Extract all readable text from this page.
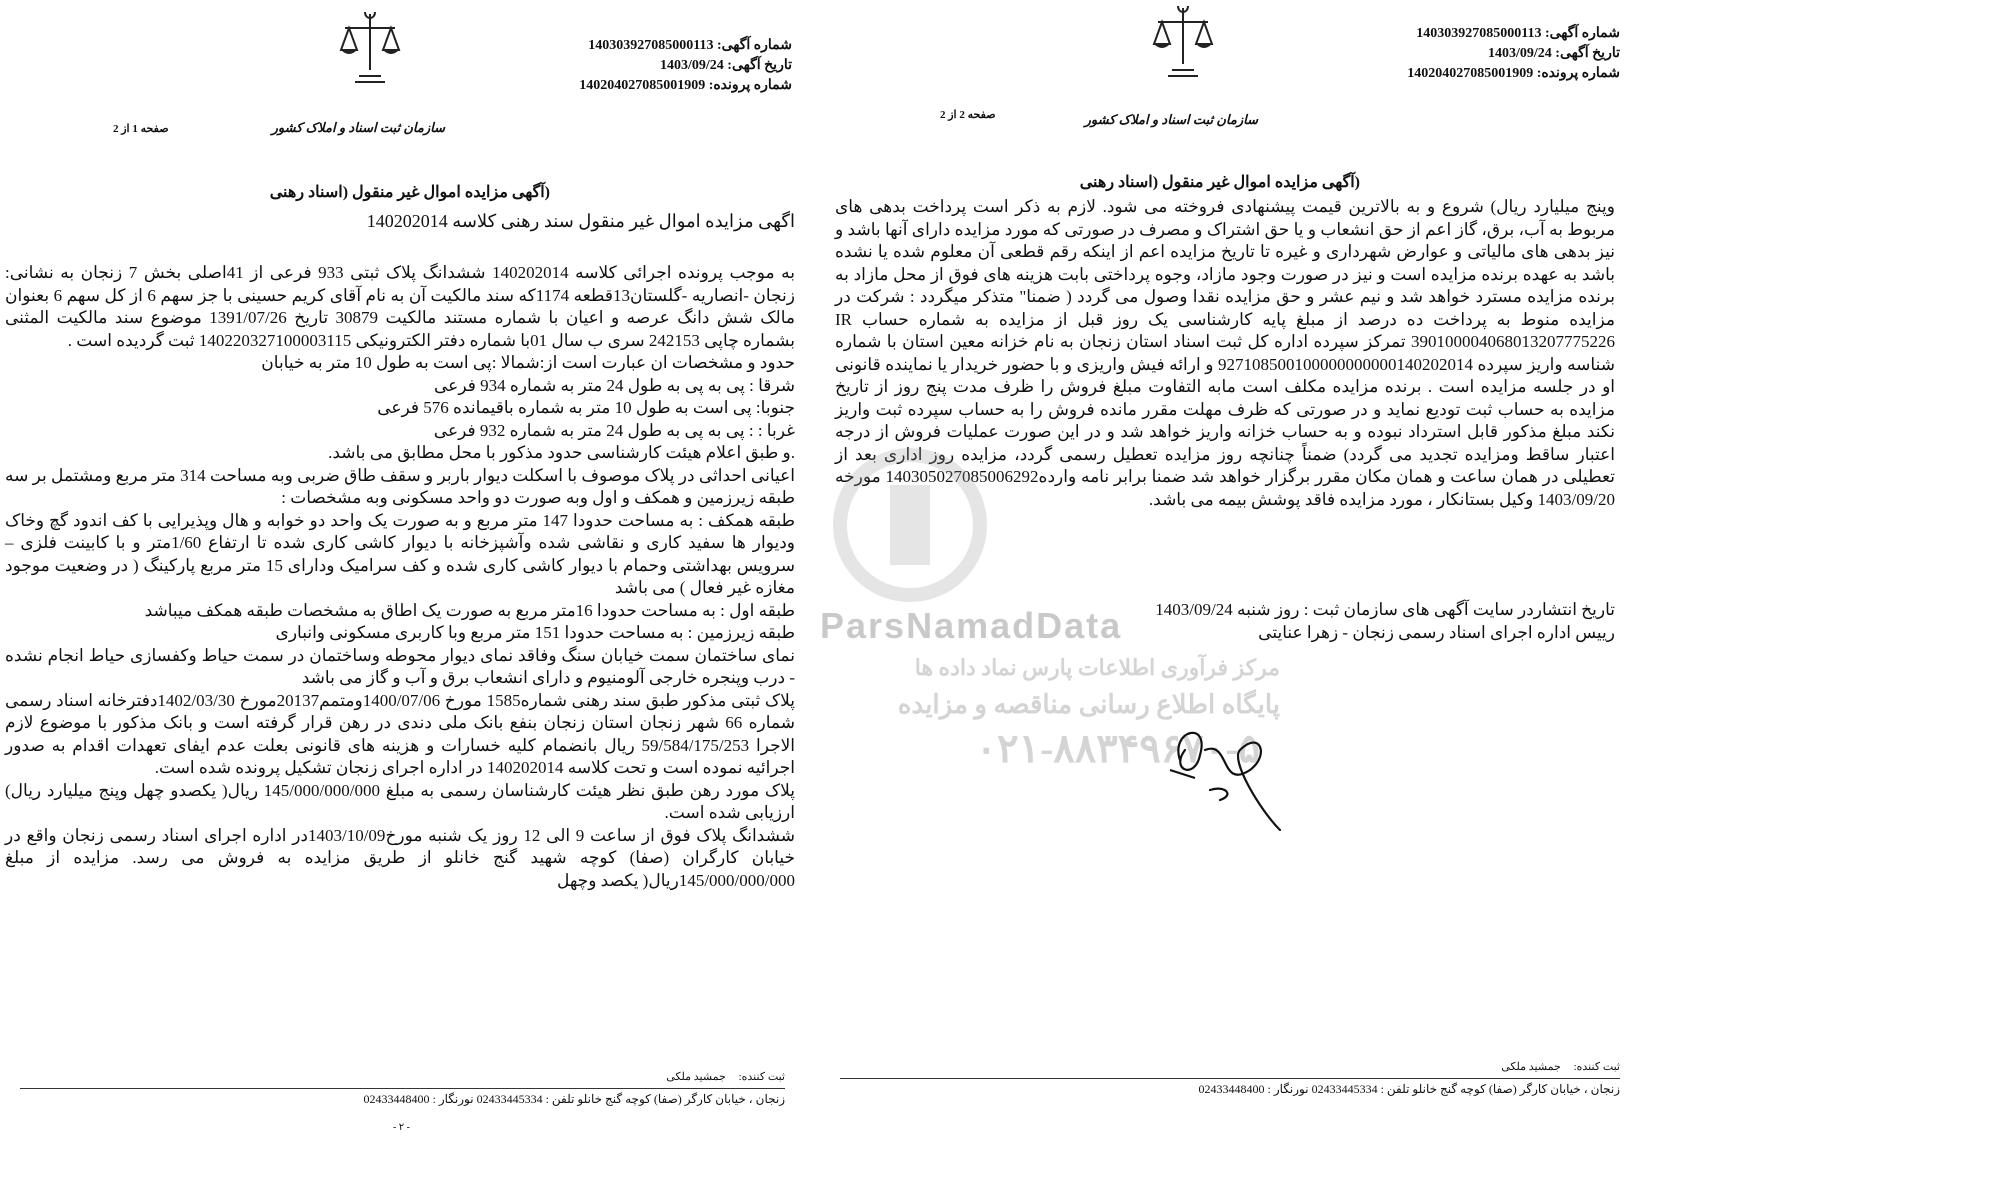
سازمان ثبت اسناد و املاک کشور
شماره آگهی: 140303927085000113
تاریخ آگهی: 1403/09/24
شماره پرونده: 140204027085001909
صفحه 1 از 2
(آگهی مزایده اموال غیر منقول (اسناد رهنی
اگهی مزایده اموال غیر منقول سند رهنی کلاسه 140202014

به موجب پرونده اجرائی کلاسه 140202014 ششدانگ پلاک ثبتی 933 فرعی از 41اصلی بخش 7 زنجان به نشانی: زنجان -انصاریه -گلستان13قطعه 1174که سند مالکیت آن به نام آقای کریم حسینی با جز سهم 6 از کل سهم 6 بعنوان مالک شش دانگ عرصه و اعیان با شماره مستند مالکیت 30879 تاریخ 1391/07/26 موضوع سند مالکیت المثنی بشماره چاپی 242153 سری ب سال 01با شماره دفتر الکترونیکی 140220327100003115 ثبت گردیده است .

حدود و مشخصات ان عبارت است از:شمالا :پی است به طول 10 متر به خیابان

شرقا : پی به پی به طول 24 متر به شماره 934 فرعی

جنوبا: پی است به طول 10 متر به شماره باقیمانده 576 فرعی

غربا : : پی به پی به طول 24 متر به شماره 932 فرعی

.و طبق اعلام هیئت کارشناسی حدود مذکور با محل مطابق می باشد.

اعیانی احداثی در پلاک موصوف با اسکلت دیوار باربر و سقف طاق ضربی وبه مساحت 314 متر مربع ومشتمل بر سه طبقه زیرزمین و همکف و اول وبه صورت دو واحد مسکونی وبه مشخصات :

طبقه همکف : به مساحت حدودا 147 متر مربع و به صورت یک واحد دو خوابه و هال وپذیرایی با کف اندود گچ وخاک ودیوار ها سفید کاری و نقاشی شده وآشپزخانه با دیوار کاشی کاری شده تا ارتفاع 1/60متر و با کابینت فلزی – سرویس بهداشتی وحمام با دیوار کاشی کاری شده و کف سرامیک ودارای 15 متر مربع پارکینگ ( در وضعیت موجود مغازه غیر فعال ) می باشد

طبقه اول : به مساحت حدودا 16متر مربع به صورت یک اطاق به مشخصات طبقه همکف میباشد

طبقه زیرزمین : به مساحت حدودا 151 متر مربع وبا کاربری مسکونی وانباری

نمای ساختمان سمت خیابان سنگ وفاقد نمای دیوار محوطه وساختمان در سمت حیاط وکفسازی حیاط انجام نشده - درب وپنجره خارجی آلومنیوم و دارای انشعاب برق و آب و گاز می باشد

پلاک ثبتی مذکور طبق سند رهنی شماره1585 مورخ 1400/07/06ومتمم20137مورخ 1402/03/30دفترخانه اسناد رسمی شماره 66 شهر زنجان استان زنجان بنفع بانک ملی دندی در رهن قرار گرفته است و بانک مذکور با موضوع لازم الاجرا 59/584/175/253 ریال بانضمام کلیه خسارات و هزینه های قانونی بعلت عدم ایفای تعهدات اقدام به صدور اجرائیه نموده است و تحت کلاسه 140202014 در اداره اجرای زنجان تشکیل پرونده شده است.

پلاک مورد رهن طبق نظر هیئت کارشناسان رسمی به مبلغ 145/000/000/000 ریال( یکصدو چهل وپنج میلیارد ریال) ارزیابی شده است.

ششدانگ پلاک فوق از ساعت 9 الی 12 روز یک شنبه مورخ1403/10/09در اداره اجرای اسناد رسمی زنجان واقع در خیابان کارگران (صفا) کوچه شهید گنج خانلو از طریق مزایده به فروش می رسد. مزایده از مبلغ 145/000/000/000ریال( یکصد وچهل

ثبت کننده: جمشید ملکی
زنجان ، خیابان کارگر (صفا) کوچه گنج خانلو تلفن : 02433445334 نورنگار : 02433448400
- ۲ -
سازمان ثبت اسناد و املاک کشور
شماره آگهی: 140303927085000113
تاریخ آگهی: 1403/09/24
شماره پرونده: 140204027085001909
صفحه 2 از 2
(آگهی مزایده اموال غیر منقول (اسناد رهنی

وپنج میلیارد ریال) شروع و به بالاترین قیمت پیشنهادی فروخته می شود. لازم به ذکر است پرداخت بدهی های مربوط به آب، برق، گاز اعم از حق انشعاب و یا حق اشتراک و مصرف در صورتی که مورد مزایده دارای آنها باشد و نیز بدهی های مالیاتی و عوارض شهرداری و غیره تا تاریخ مزایده اعم از اینکه رقم قطعی آن معلوم شده یا نشده باشد به عهده برنده مزایده است و نیز در صورت وجود مازاد، وجوه پرداختی بابت هزینه های فوق از محل مازاد به برنده مزایده مسترد خواهد شد و نیم عشر و حق مزایده نقدا وصول می گردد ( ضمنا" متذکر میگردد : شرکت در مزایده منوط به پرداخت ده درصد از مبلغ پایه کارشناسی یک روز قبل از مزایده به شماره حساب IR 390100004068013207775226 تمرکز سپرده اداره کل ثبت اسناد استان زنجان به نام خزانه معین استان با شماره شناسه واریز سپرده 927108500100000000000140202014 و ارائه فیش واریزی و با حضور خریدار یا نماینده قانونی او در جلسه مزایده است . برنده مزایده مکلف است مابه التفاوت مبلغ فروش را ظرف مدت پنج روز از تاریخ مزایده به حساب ثبت تودیع نماید و در صورتی که ظرف مهلت مقرر مانده فروش را به حساب سپرده ثبت واریز نکند مبلغ مذکور قابل استرداد نبوده و به حساب خزانه واریز خواهد شد و در این صورت عملیات فروش از درجه اعتبار ساقط ومزایده تجدید می گردد) ضمناً چنانچه روز مزایده تعطیل رسمی گردد، مزایده روز اداری بعد از تعطیلی در همان ساعت و همان مکان مقرر برگزار خواهد شد ضمنا برابر نامه وارده140305027085006292 مورخه 1403/09/20 وکیل بستانکار ، مورد مزایده فاقد پوشش بیمه می باشد.

تاریخ انتشاردر سایت آگهی های سازمان ثبت : روز شنبه 1403/09/24
رییس اداره اجرای اسناد رسمی زنجان - زهرا عنایتی
ثبت کننده: جمشید ملکی
زنجان ، خیابان کارگر (صفا) کوچه گنج خانلو تلفن : 02433445334 نورنگار : 02433448400
ParsNamadData
مرکز فرآوری اطلاعات پارس نماد داده ها
پایگاه اطلاع رسانی مناقصه و مزایده
۰۲۱-۸۸۳۴۹۶۷۰-۵
